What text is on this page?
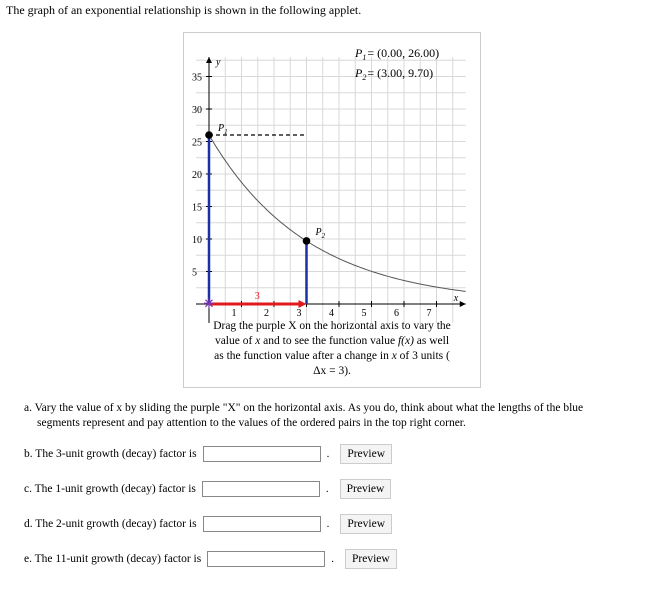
The graph of an exponential relationship is shown in the following applet.
y
x
1	2	3	4	5	6	7
5
10
15
20
25
30
35
3
✳
$P_1$
$P_2$
$P_1= (0.00$, 26.00)
$P_2= (3.00$, 9.70)
Drag the purple X on the horizontal axis to vary the
value of x and to see the function value f(x) as well
as the function value after a change in x of 3 units (
Δx = 3).
a. Vary the value of x by sliding the purple "X" on the horizontal axis. As you do, think about what the lengths of the blue
segments represent and pay attention to the values of the ordered pairs in the top right corner.
b. The 3-unit growth (decay) factor is	.	Preview
c. The 1-unit growth (decay) factor is	.	Preview
d. The 2-unit growth (decay) factor is	.	Preview
e. The 11-unit growth (decay) factor is	.	Preview
